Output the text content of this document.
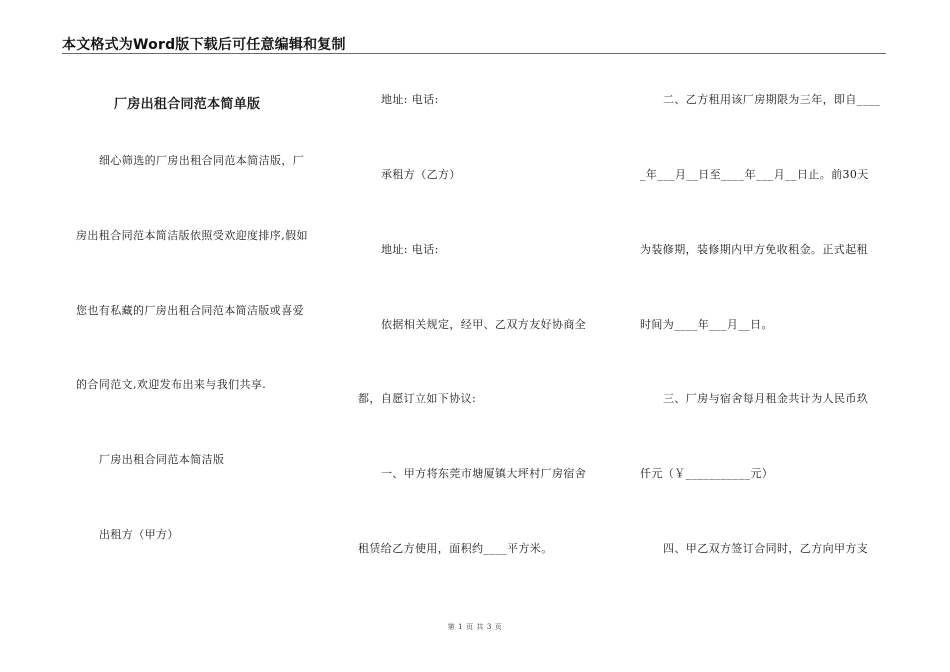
本文格式为Word版下载后可任意编辑和复制
厂房出租合同范本简单版
细心筛选的厂房出租合同范本简洁版，厂
房出租合同范本简洁版依照受欢迎度排序,假如
您也有私藏的厂房出租合同范本简洁版或喜爱
的合同范文,欢迎发布出来与我们共享.
厂房出租合同范本简洁版
出租方（甲方）
地址: 电话:
承租方（乙方）
地址: 电话:
依据相关规定，经甲、乙双方友好协商全
都，自愿订立如下协议:
一、甲方将东莞市塘厦镇大坪村厂房宿舍
租赁给乙方使用，面积约____平方米。
二、乙方租用该厂房期限为三年，即自____
_年___月__日至____年___月__日止。前30天
为装修期，装修期内甲方免收租金。正式起租
时间为____年___月__日。
三、厂房与宿舍每月租金共计为人民币玖
仟元（￥___________元）
四、甲乙双方签订合同时，乙方向甲方支
第 1 页 共 3 页
